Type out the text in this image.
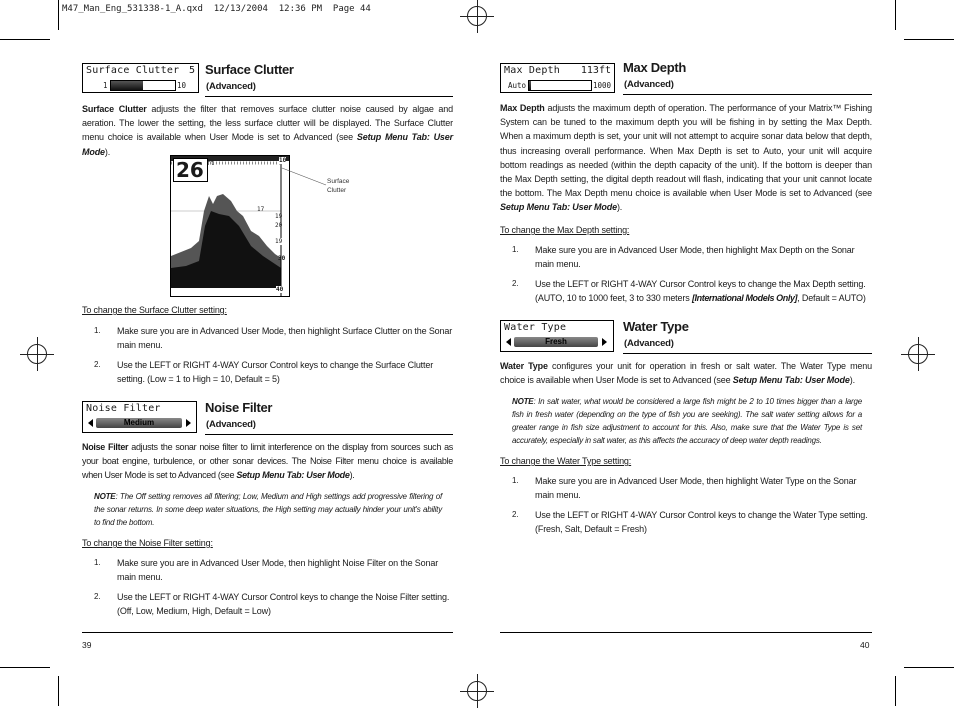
M47_Man_Eng_531338-1_A.qxd  12/13/2004  12:36 PM  Page 44
Surface Clutter 5
1	10
Surface Clutter
(Advanced)
Surface Clutter adjusts the filter that removes surface clutter noise caused by algae and aeration. The lower the setting, the less surface clutter will be displayed. The Surface Clutter menu choice is available when User Mode is set to Advanced (see Setup Menu Tab: User Mode).
26 ft	10
17
19
20
19
30
40
Surface Clutter
To change the Surface Clutter setting:
1. Make sure you are in Advanced User Mode, then highlight Surface Clutter on the Sonar main menu.
2. Use the LEFT or RIGHT 4-WAY Cursor Control keys to change the Surface Clutter setting. (Low = 1 to High = 10, Default = 5)
Noise Filter
Medium
Noise Filter
(Advanced)
Noise Filter adjusts the sonar noise filter to limit interference on the display from sources such as your boat engine, turbulence, or other sonar devices. The Noise Filter menu choice is available when User Mode is set to Advanced (see Setup Menu Tab: User Mode).
NOTE: The Off setting removes all filtering; Low, Medium and High settings add progressive filtering of the sonar returns. In some deep water situations, the High setting may actually hinder your unit's ability to find the bottom.
To change the Noise Filter setting:
1. Make sure you are in Advanced User Mode, then highlight Noise Filter on the Sonar main menu.
2. Use the LEFT or RIGHT 4-WAY Cursor Control keys to change the Noise Filter setting. (Off, Low, Medium, High, Default = Low)
39
Max Depth 113ft
Auto	1000
Max Depth
(Advanced)
Max Depth adjusts the maximum depth of operation. The performance of your Matrix™ Fishing System can be tuned to the maximum depth you will be fishing in by setting the Max Depth. When a maximum depth is set, your unit will not attempt to acquire sonar data below that depth, thus increasing overall performance. When Max Depth is set to Auto, your unit will acquire bottom readings as needed (within the depth capacity of the unit). If the bottom is deeper than the Max Depth setting, the digital depth readout will flash, indicating that your unit cannot locate the bottom. The Max Depth menu choice is available when User Mode is set to Advanced (see Setup Menu Tab: User Mode).
To change the Max Depth setting:
1. Make sure you are in Advanced User Mode, then highlight Max Depth on the Sonar main menu.
2. Use the LEFT or RIGHT 4-WAY Cursor Control keys to change the Max Depth setting. (AUTO, 10 to 1000 feet, 3 to 330 meters [International Models Only], Default = AUTO)
Water Type
Fresh
Water Type
(Advanced)
Water Type configures your unit for operation in fresh or salt water. The Water Type menu choice is available when User Mode is set to Advanced (see Setup Menu Tab: User Mode).
NOTE: In salt water, what would be considered a large fish might be 2 to 10 times bigger than a large fish in fresh water (depending on the type of fish you are seeking). The salt water setting allows for a greater range in fish size adjustment to account for this. Also, make sure that the Water Type is set accurately, especially in salt water, as this affects the accuracy of deep water depth readings.
To change the Water Type setting:
1. Make sure you are in Advanced User Mode, then highlight Water Type on the Sonar main menu.
2. Use the LEFT or RIGHT 4-WAY Cursor Control keys to change the Water Type setting. (Fresh, Salt, Default = Fresh)
40
